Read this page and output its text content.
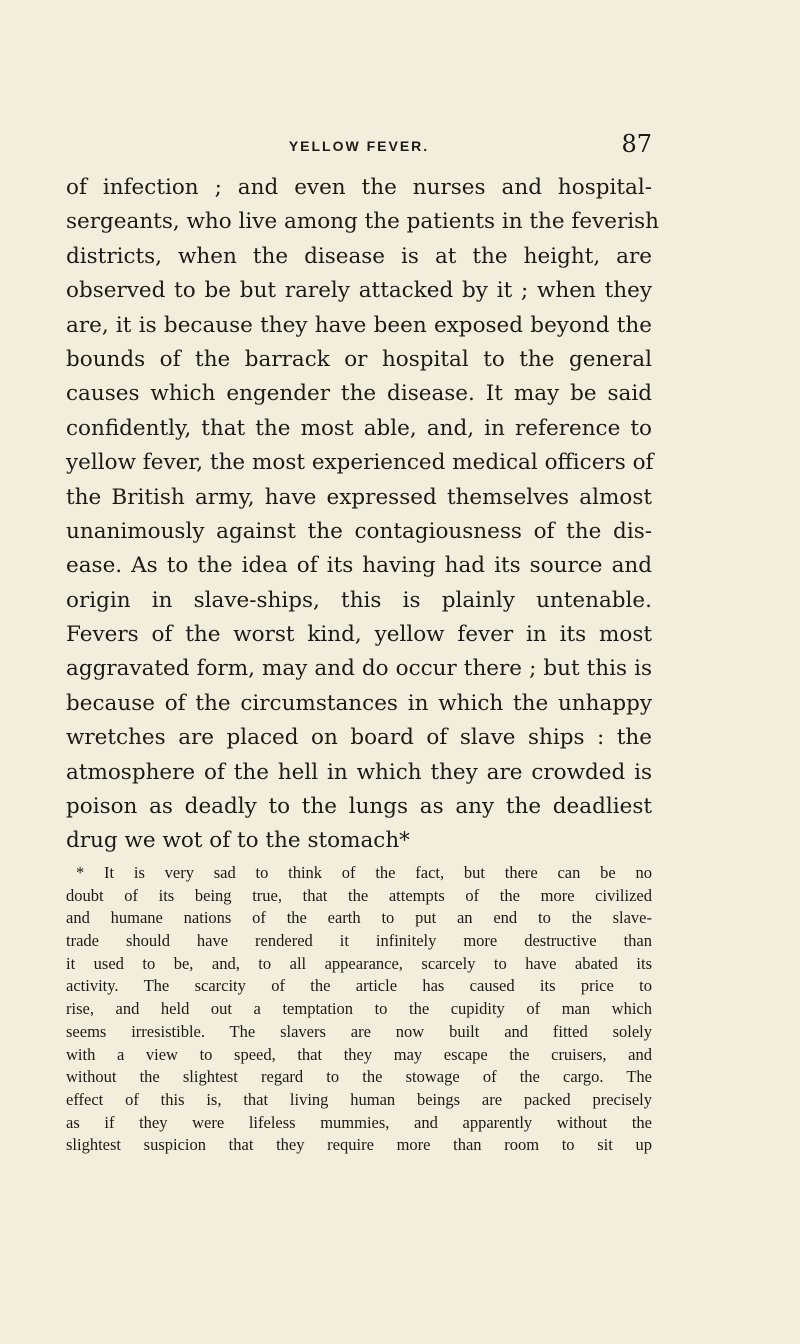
YELLOW FEVER.	87
of infection ; and even the nurses and hospital-
sergeants, who live among the patients in the feverish
districts, when the disease is at the height, are
observed to be but rarely attacked by it ; when they
are, it is because they have been exposed beyond the
bounds of the barrack or hospital to the general
causes which engender the disease. It may be said
confidently, that the most able, and, in reference to
yellow fever, the most experienced medical officers of
the British army, have expressed themselves almost
unanimously against the contagiousness of the dis-
ease. As to the idea of its having had its source and
origin in slave-ships, this is plainly untenable.
Fevers of the worst kind, yellow fever in its most
aggravated form, may and do occur there ; but this is
because of the circumstances in which the unhappy
wretches are placed on board of slave ships : the
atmosphere of the hell in which they are crowded is
poison as deadly to the lungs as any the deadliest
drug we wot of to the stomach*
* It is very sad to think of the fact, but there can be no
doubt of its being true, that the attempts of the more civilized
and humane nations of the earth to put an end to the slave-
trade should have rendered it infinitely more destructive than
it used to be, and, to all appearance, scarcely to have abated its
activity. The scarcity of the article has caused its price to
rise, and held out a temptation to the cupidity of man which
seems irresistible. The slavers are now built and fitted solely
with a view to speed, that they may escape the cruisers, and
without the slightest regard to the stowage of the cargo. The
effect of this is, that living human beings are packed precisely
as if they were lifeless mummies, and apparently without the
slightest suspicion that they require more than room to sit up
